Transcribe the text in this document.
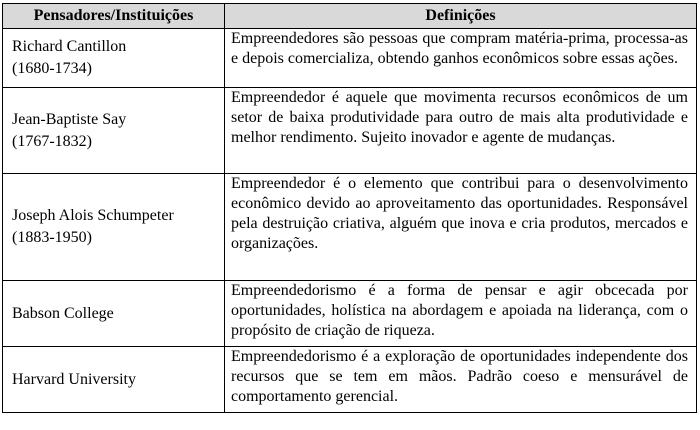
Pensadores/Instituições	Definições

Richard Cantillon
(1680-1734)	Empreendedores são pessoas que compram matéria-prima, processa-as e depois comercializa, obtendo ganhos econômicos sobre essas ações.

Jean-Baptiste Say
(1767-1832)	Empreendedor é aquele que movimenta recursos econômicos de um setor de baixa produtividade para outro de mais alta produtividade e melhor rendimento. Sujeito inovador e agente de mudanças.

Joseph Alois Schumpeter
(1883-1950)	Empreendedor é o elemento que contribui para o desenvolvimento econômico devido ao aproveitamento das oportunidades. Responsável pela destruição criativa, alguém que inova e cria produtos, mercados e organizações.

Babson College	Empreendedorismo é a forma de pensar e agir obcecada por oportunidades, holística na abordagem e apoiada na liderança, com o propósito de criação de riqueza.

Harvard University	Empreendedorismo é a exploração de oportunidades independente dos recursos que se tem em mãos. Padrão coeso e mensurável de comportamento gerencial.
